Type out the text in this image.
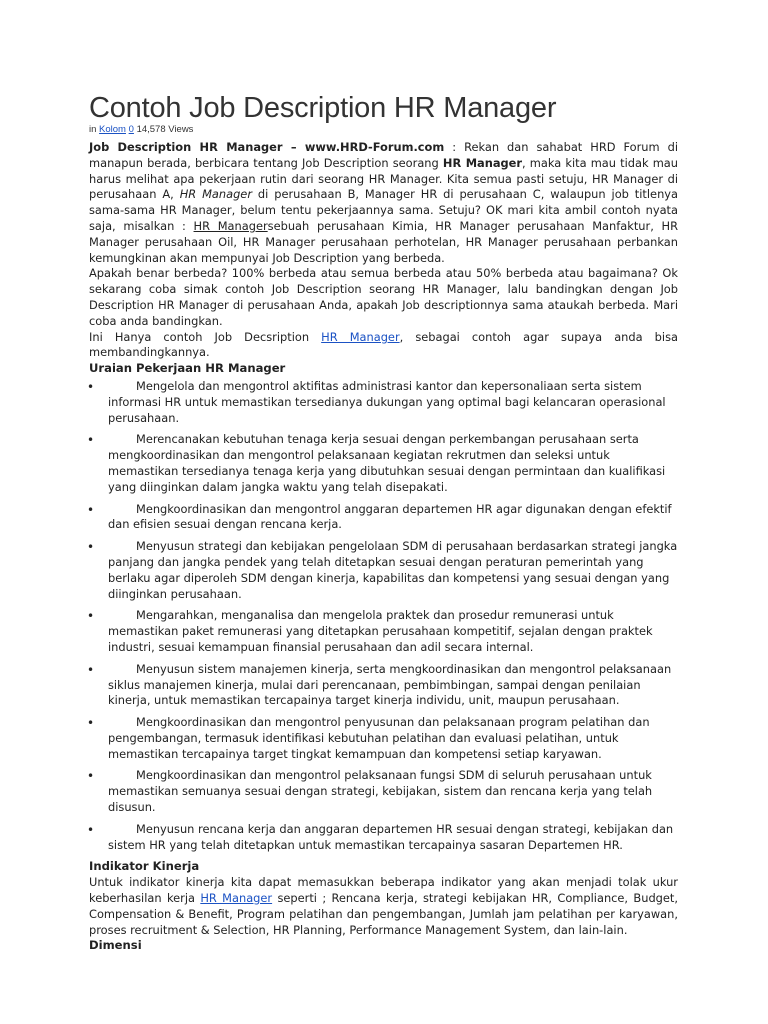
Contoh Job Description HR Manager
in Kolom 0 14,578 Views

Job Description HR Manager – www.HRD-Forum.com : Rekan dan sahabat HRD Forum di manapun berada, berbicara tentang Job Description seorang HR Manager, maka kita mau tidak mau harus melihat apa pekerjaan rutin dari seorang HR Manager. Kita semua pasti setuju, HR Manager di perusahaan A, HR Manager di perusahaan B, Manager HR di perusahaan C, walaupun job titlenya sama-sama HR Manager, belum tentu pekerjaannya sama. Setuju? OK mari kita ambil contoh nyata saja, misalkan : HR Managersebuah perusahaan Kimia, HR Manager perusahaan Manfaktur, HR Manager perusahaan Oil, HR Manager perusahaan perhotelan, HR Manager perusahaan perbankan kemungkinan akan mempunyai Job Description yang berbeda.

Apakah benar berbeda? 100% berbeda atau semua berbeda atau 50% berbeda atau bagaimana? Ok sekarang coba simak contoh Job Description seorang HR Manager, lalu bandingkan dengan Job Description HR Manager di perusahaan Anda, apakah Job descriptionnya sama ataukah berbeda. Mari coba anda bandingkan.

Ini Hanya contoh Job Decsription HR Manager, sebagai contoh agar supaya anda bisa membandingkannya.

Uraian Pekerjaan HR Manager
• Mengelola dan mengontrol aktifitas administrasi kantor dan kepersonaliaan serta sistem informasi HR untuk memastikan tersedianya dukungan yang optimal bagi kelancaran operasional perusahaan.
• Merencanakan kebutuhan tenaga kerja sesuai dengan perkembangan perusahaan serta mengkoordinasikan dan mengontrol pelaksanaan kegiatan rekrutmen dan seleksi untuk memastikan tersedianya tenaga kerja yang dibutuhkan sesuai dengan permintaan dan kualifikasi yang diinginkan dalam jangka waktu yang telah disepakati.
• Mengkoordinasikan dan mengontrol anggaran departemen HR agar digunakan dengan efektif dan efisien sesuai dengan rencana kerja.
• Menyusun strategi dan kebijakan pengelolaan SDM di perusahaan berdasarkan strategi jangka panjang dan jangka pendek yang telah ditetapkan sesuai dengan peraturan pemerintah yang berlaku agar diperoleh SDM dengan kinerja, kapabilitas dan kompetensi yang sesuai dengan yang diinginkan perusahaan.
• Mengarahkan, menganalisa dan mengelola praktek dan prosedur remunerasi untuk memastikan paket remunerasi yang ditetapkan perusahaan kompetitif, sejalan dengan praktek industri, sesuai kemampuan finansial perusahaan dan adil secara internal.
• Menyusun sistem manajemen kinerja, serta mengkoordinasikan dan mengontrol pelaksanaan siklus manajemen kinerja, mulai dari perencanaan, pembimbingan, sampai dengan penilaian kinerja, untuk memastikan tercapainya target kinerja individu, unit, maupun perusahaan.
• Mengkoordinasikan dan mengontrol penyusunan dan pelaksanaan program pelatihan dan pengembangan, termasuk identifikasi kebutuhan pelatihan dan evaluasi pelatihan, untuk memastikan tercapainya target tingkat kemampuan dan kompetensi setiap karyawan.
• Mengkoordinasikan dan mengontrol pelaksanaan fungsi SDM di seluruh perusahaan untuk memastikan semuanya sesuai dengan strategi, kebijakan, sistem dan rencana kerja yang telah disusun.
• Menyusun rencana kerja dan anggaran departemen HR sesuai dengan strategi, kebijakan dan sistem HR yang telah ditetapkan untuk memastikan tercapainya sasaran Departemen HR.
Indikator Kinerja

Untuk indikator kinerja kita dapat memasukkan beberapa indikator yang akan menjadi tolak ukur keberhasilan kerja HR Manager seperti ; Rencana kerja, strategi kebijakan HR, Compliance, Budget, Compensation & Benefit, Program pelatihan dan pengembangan, Jumlah jam pelatihan per karyawan, proses recruitment & Selection, HR Planning, Performance Management System, dan lain-lain.

Dimensi
